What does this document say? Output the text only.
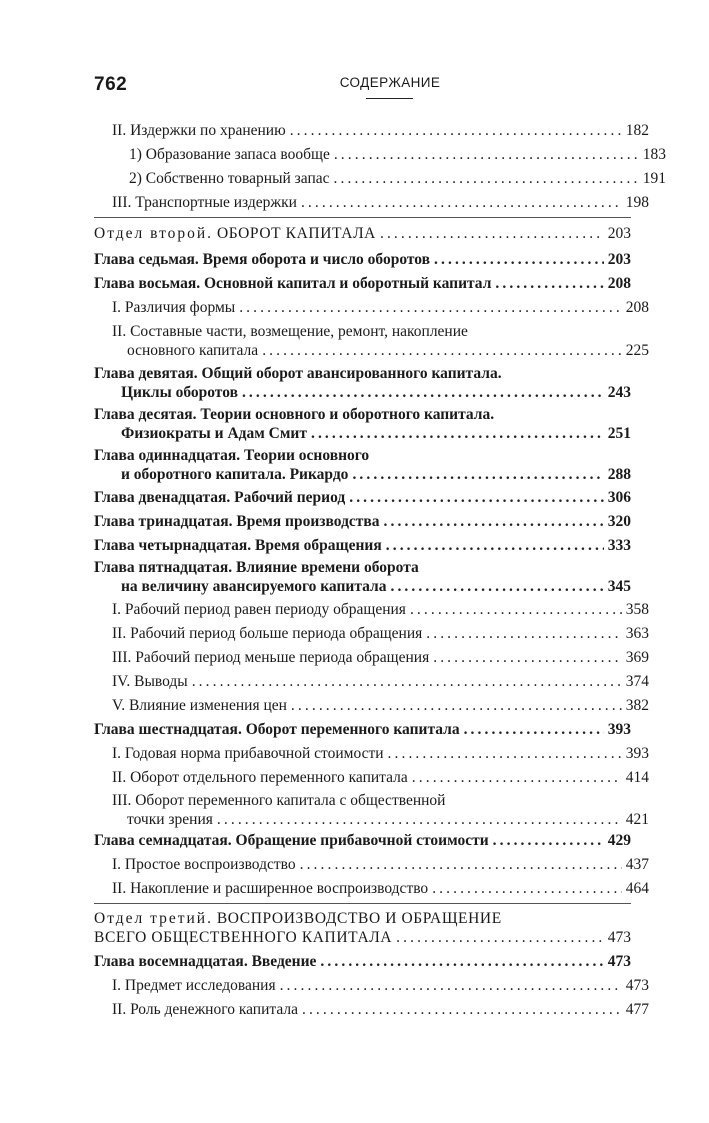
762	СОДЕРЖАНИЕ
II. Издержки по хранению .....	182
1) Образование запаса вообще .....	183
2) Собственно товарный запас .....	191
III. Транспортные издержки .....	198
Отдел второй. ОБОРОТ КАПИТАЛА .....	203
Глава седьмая. Время оборота и число оборотов .....	203
Глава восьмая. Основной капитал и оборотный капитал .....	208
I. Различия формы .....	208
II. Составные части, возмещение, ремонт, накопление
основного капитала .....	225
Глава девятая. Общий оборот авансированного капитала.
Циклы оборотов .....	243
Глава десятая. Теории основного и оборотного капитала.
Физиократы и Адам Смит .....	251
Глава одиннадцатая. Теории основного
и оборотного капитала. Рикардо .....	288
Глава двенадцатая. Рабочий период .....	306
Глава тринадцатая. Время производства .....	320
Глава четырнадцатая. Время обращения .....	333
Глава пятнадцатая. Влияние времени оборота
на величину авансируемого капитала .....	345
I. Рабочий период равен периоду обращения .....	358
II. Рабочий период больше периода обращения .....	363
III. Рабочий период меньше периода обращения .....	369
IV. Выводы .....	374
V. Влияние изменения цен .....	382
Глава шестнадцатая. Оборот переменного капитала .....	393
I. Годовая норма прибавочной стоимости .....	393
II. Оборот отдельного переменного капитала .....	414
III. Оборот переменного капитала с общественной
точки зрения .....	421
Глава семнадцатая. Обращение прибавочной стоимости .....	429
I. Простое воспроизводство .....	437
II. Накопление и расширенное воспроизводство .....	464
Отдел третий. ВОСПРОИЗВОДСТВО И ОБРАЩЕНИЕ
ВСЕГО ОБЩЕСТВЕННОГО КАПИТАЛА .....	473
Глава восемнадцатая. Введение .....	473
I. Предмет исследования .....	473
II. Роль денежного капитала .....	477
